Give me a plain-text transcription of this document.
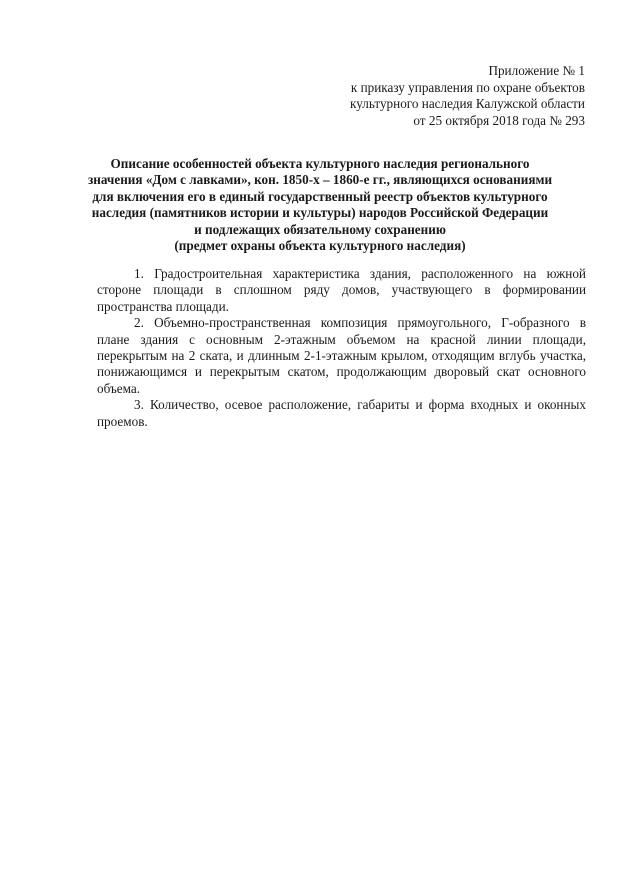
Приложение № 1
к приказу управления по охране объектов
культурного наследия Калужской области
от 25 октября 2018 года № 293
Описание особенностей объекта культурного наследия регионального
значения «Дом с лавками», кон. 1850-х – 1860-е гг., являющихся основаниями
для включения его в единый государственный реестр объектов культурного
наследия (памятников истории и культуры) народов Российской Федерации
и подлежащих обязательному сохранению
(предмет охраны объекта культурного наследия)

1. Градостроительная характеристика здания, расположенного на южной стороне площади в сплошном ряду домов, участвующего в формировании пространства площади.

2. Объемно-пространственная композиция прямоугольного, Г-образного в плане здания с основным 2-этажным объемом на красной линии площади, перекрытым на 2 ската, и длинным 2-1-этажным крылом, отходящим вглубь участка, понижающимся и перекрытым скатом, продолжающим дворовый скат основного объема.

3. Количество, осевое расположение, габариты и форма входных и оконных проемов.
